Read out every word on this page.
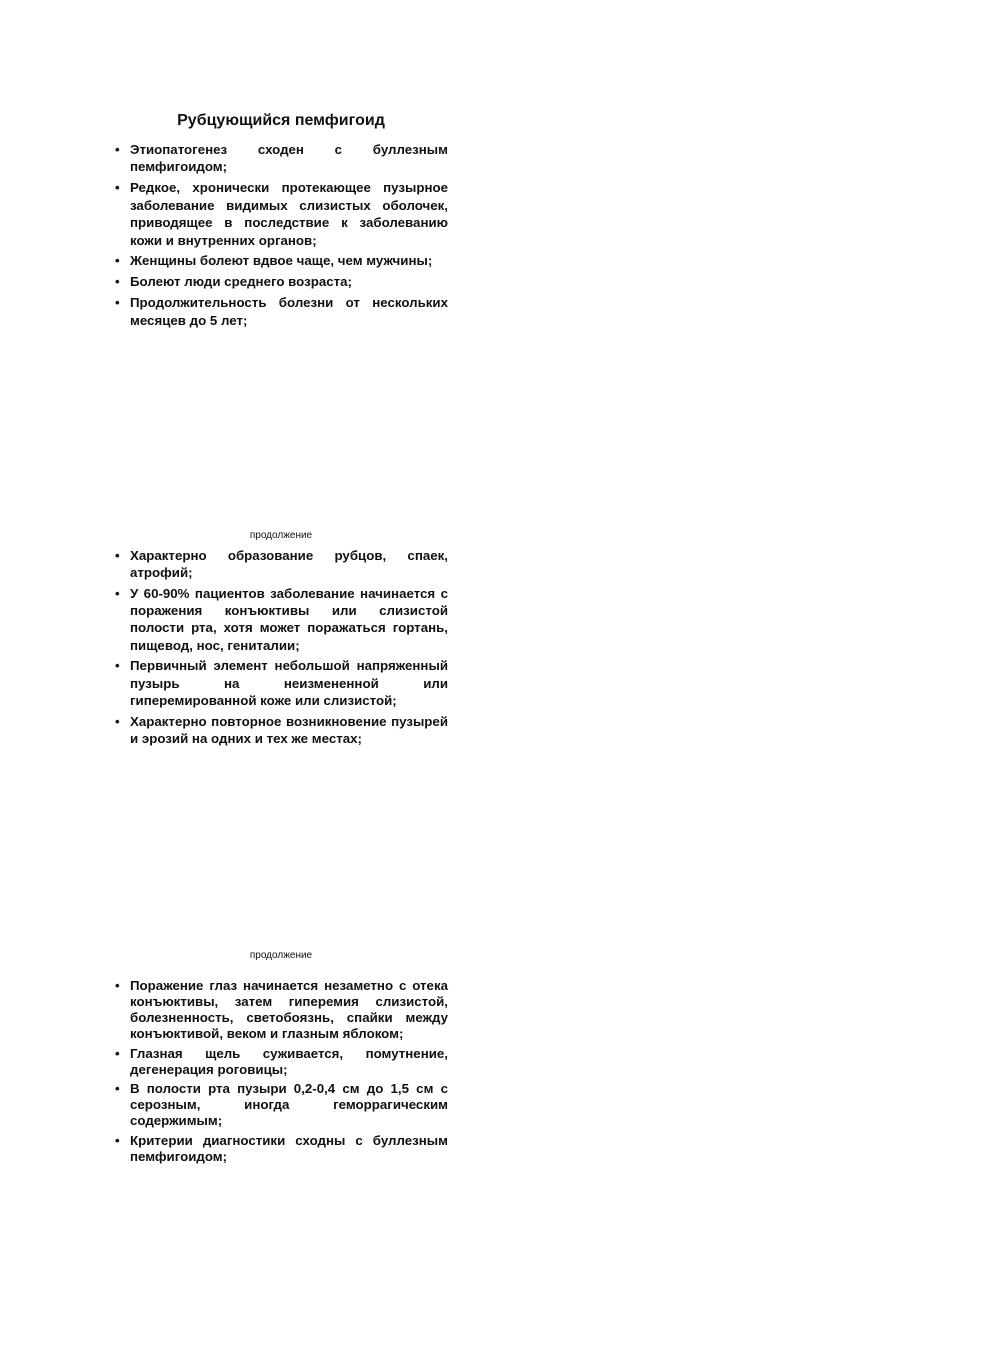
Рубцующийся пемфигоид
• Этиопатогенез сходен с буллезным пемфигоидом;
• Редкое, хронически протекающее пузырное заболевание видимых слизистых оболочек, приводящее в последствие к заболеванию кожи и внутренних органов;
• Женщины болеют вдвое чаще, чем мужчины;
• Болеют люди среднего возраста;
• Продолжительность болезни от нескольких месяцев до 5 лет;
продолжение
• Характерно образование рубцов, спаек, атрофий;
• У 60-90% пациентов заболевание начинается с поражения конъюктивы или слизистой полости рта, хотя может поражаться гортань, пищевод, нос, гениталии;
• Первичный элемент небольшой напряженный пузырь на неизмененной или гиперемированной коже или слизистой;
• Характерно повторное возникновение пузырей и эрозий на одних и тех же местах;
продолжение
• Поражение глаз начинается незаметно с отека конъюктивы, затем гиперемия слизистой, болезненность, светобоязнь, спайки между конъюктивой, веком и глазным яблоком;
• Глазная щель суживается, помутнение, дегенерация роговицы;
• В полости рта пузыри 0,2-0,4 см до 1,5 см с серозным, иногда геморрагическим содержимым;
• Критерии диагностики сходны с буллезным пемфигоидом;
